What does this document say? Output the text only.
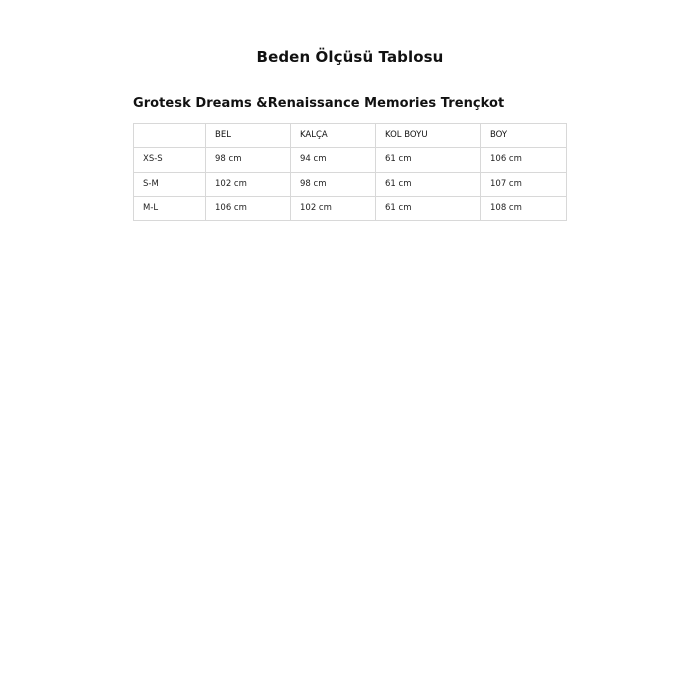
Beden Ölçüsü Tablosu
Grotesk Dreams &Renaissance Memories Trençkot
	BEL	KALÇA	KOL BOYU	BOY
XS-S	98 cm	94 cm	61 cm	106 cm
S-M	102 cm	98 cm	61 cm	107 cm
M-L	106 cm	102 cm	61 cm	108 cm
